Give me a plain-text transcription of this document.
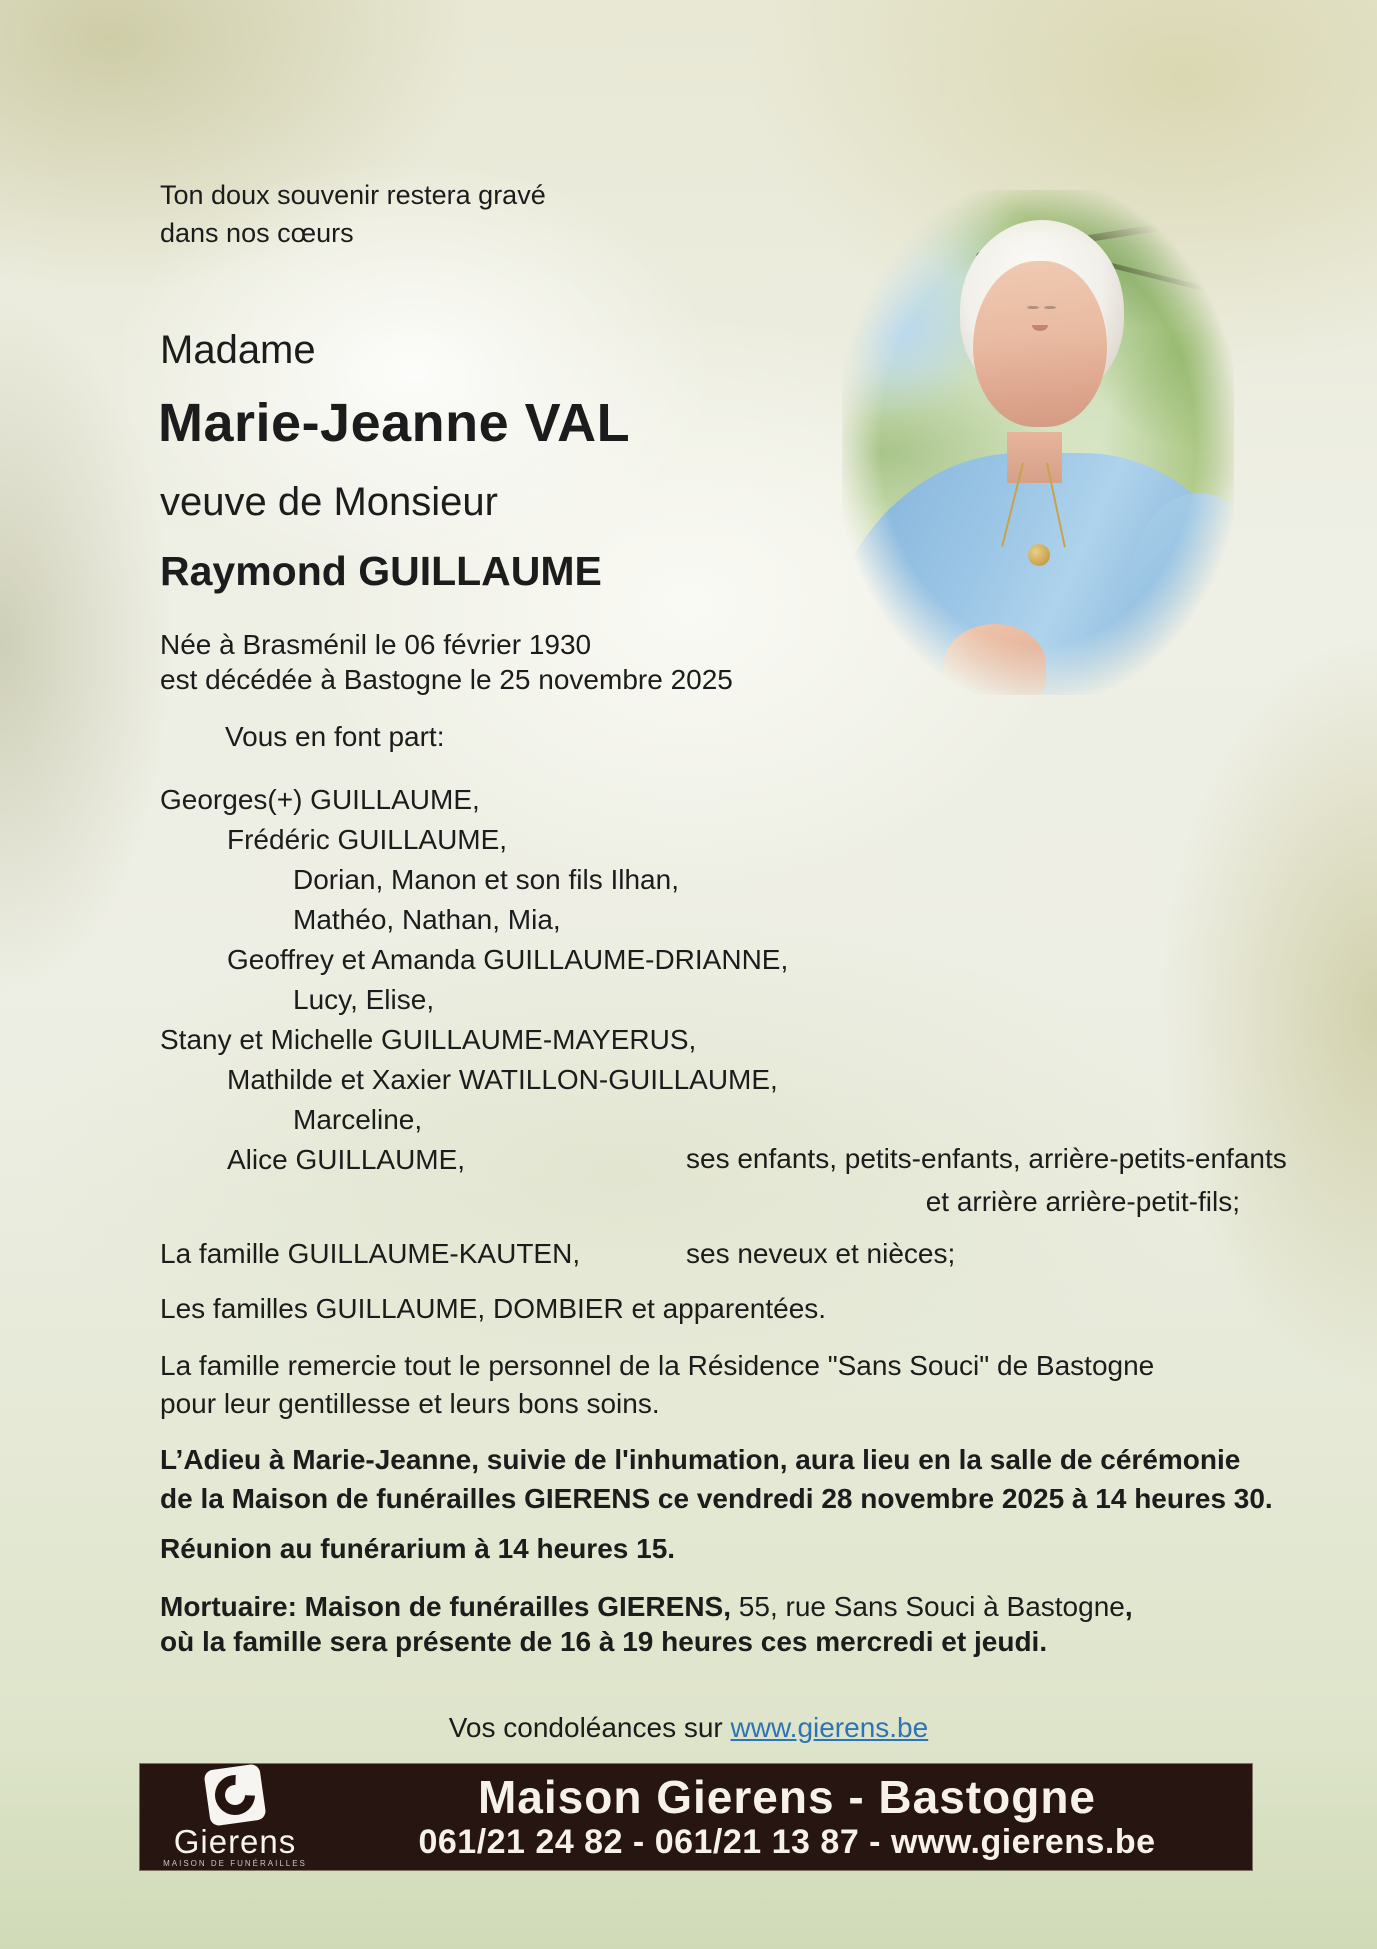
Ton doux souvenir restera gravé
dans nos cœurs
Madame
Marie-Jeanne VAL
veuve de Monsieur
Raymond GUILLAUME
Née à Brasménil le 06 février 1930
est décédée à Bastogne le 25 novembre 2025
Vous en font part:
Georges(+) GUILLAUME,
Frédéric GUILLAUME,
Dorian, Manon et son fils Ilhan,
Mathéo, Nathan, Mia,
Geoffrey et Amanda GUILLAUME-DRIANNE,
Lucy, Elise,
Stany et Michelle GUILLAUME-MAYERUS,
Mathilde et Xaxier WATILLON-GUILLAUME,
Marceline,
Alice GUILLAUME,	ses enfants, petits-enfants, arrière-petits-enfants
et arrière arrière-petit-fils;
La famille GUILLAUME-KAUTEN,	ses neveux et nièces;
Les familles GUILLAUME, DOMBIER et apparentées.
La famille remercie tout le personnel de la Résidence "Sans Souci" de Bastogne
pour leur gentillesse et leurs bons soins.
L’Adieu à Marie-Jeanne, suivie de l'inhumation, aura lieu en la salle de cérémonie
de la Maison de funérailles GIERENS ce vendredi 28 novembre 2025 à 14 heures 30.
Réunion au funérarium à 14 heures 15.
Mortuaire: Maison de funérailles GIERENS, 55, rue Sans Souci à Bastogne,
où la famille sera présente de 16 à 19 heures ces mercredi et jeudi.
Vos condoléances sur www.gierens.be
Gierens
MAISON DE FUNÉRAILLES
Maison Gierens - Bastogne
061/21 24 82 - 061/21 13 87 - www.gierens.be
